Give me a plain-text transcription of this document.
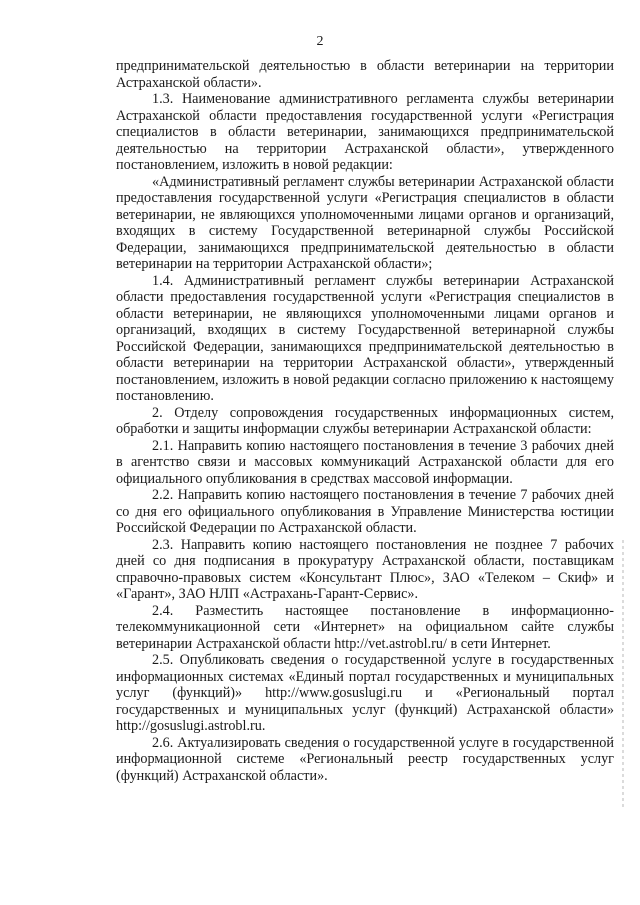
2

предпринимательской деятельностью в области ветеринарии на территории Астраханской области».

1.3. Наименование административного регламента службы ветеринарии Астраханской области предоставления государственной услуги «Регистрация специалистов в области ветеринарии, занимающихся предпринимательской деятельностью на территории Астраханской области», утвержденного постановлением, изложить в новой редакции:

«Административный регламент службы ветеринарии Астраханской области предоставления государственной услуги «Регистрация специалистов в области ветеринарии, не являющихся уполномоченными лицами органов и организаций, входящих в систему Государственной ветеринарной службы Российской Федерации, занимающихся предпринимательской деятельностью в области ветеринарии на территории Астраханской области»;

1.4. Административный регламент службы ветеринарии Астраханской области предоставления государственной услуги «Регистрация специалистов в области ветеринарии, не являющихся уполномоченными лицами органов и организаций, входящих в систему Государственной ветеринарной службы Российской Федерации, занимающихся предпринимательской деятельностью в области ветеринарии на территории Астраханской области», утвержденный постановлением, изложить в новой редакции согласно приложению к настоящему постановлению.

2. Отделу сопровождения государственных информационных систем, обработки и защиты информации службы ветеринарии Астраханской области:

2.1. Направить копию настоящего постановления в течение 3 рабочих дней в агентство связи и массовых коммуникаций Астраханской области для его официального опубликования в средствах массовой информации.

2.2. Направить копию настоящего постановления в течение 7 рабочих дней со дня его официального опубликования в Управление Министерства юстиции Российской Федерации по Астраханской области.

2.3. Направить копию настоящего постановления не позднее 7 рабочих дней со дня подписания в прокуратуру Астраханской области, поставщикам справочно-правовых систем «Консультант Плюс», ЗАО «Телеком – Скиф» и «Гарант», ЗАО НЛП «Астрахань-Гарант-Сервис».

2.4. Разместить настоящее постановление в информационно-телекоммуникационной сети «Интернет» на официальном сайте службы ветеринарии Астраханской области http://vet.astrobl.ru/ в сети Интернет.

2.5. Опубликовать сведения о государственной услуге в государственных информационных системах «Единый портал государственных и муниципальных услуг (функций)» http://www.gosuslugi.ru и «Региональный портал государственных и муниципальных услуг (функций) Астраханской области» http://gosuslugi.astrobl.ru.

2.6. Актуализировать сведения о государственной услуге в государственной информационной системе «Региональный реестр государственных услуг (функций) Астраханской области».
